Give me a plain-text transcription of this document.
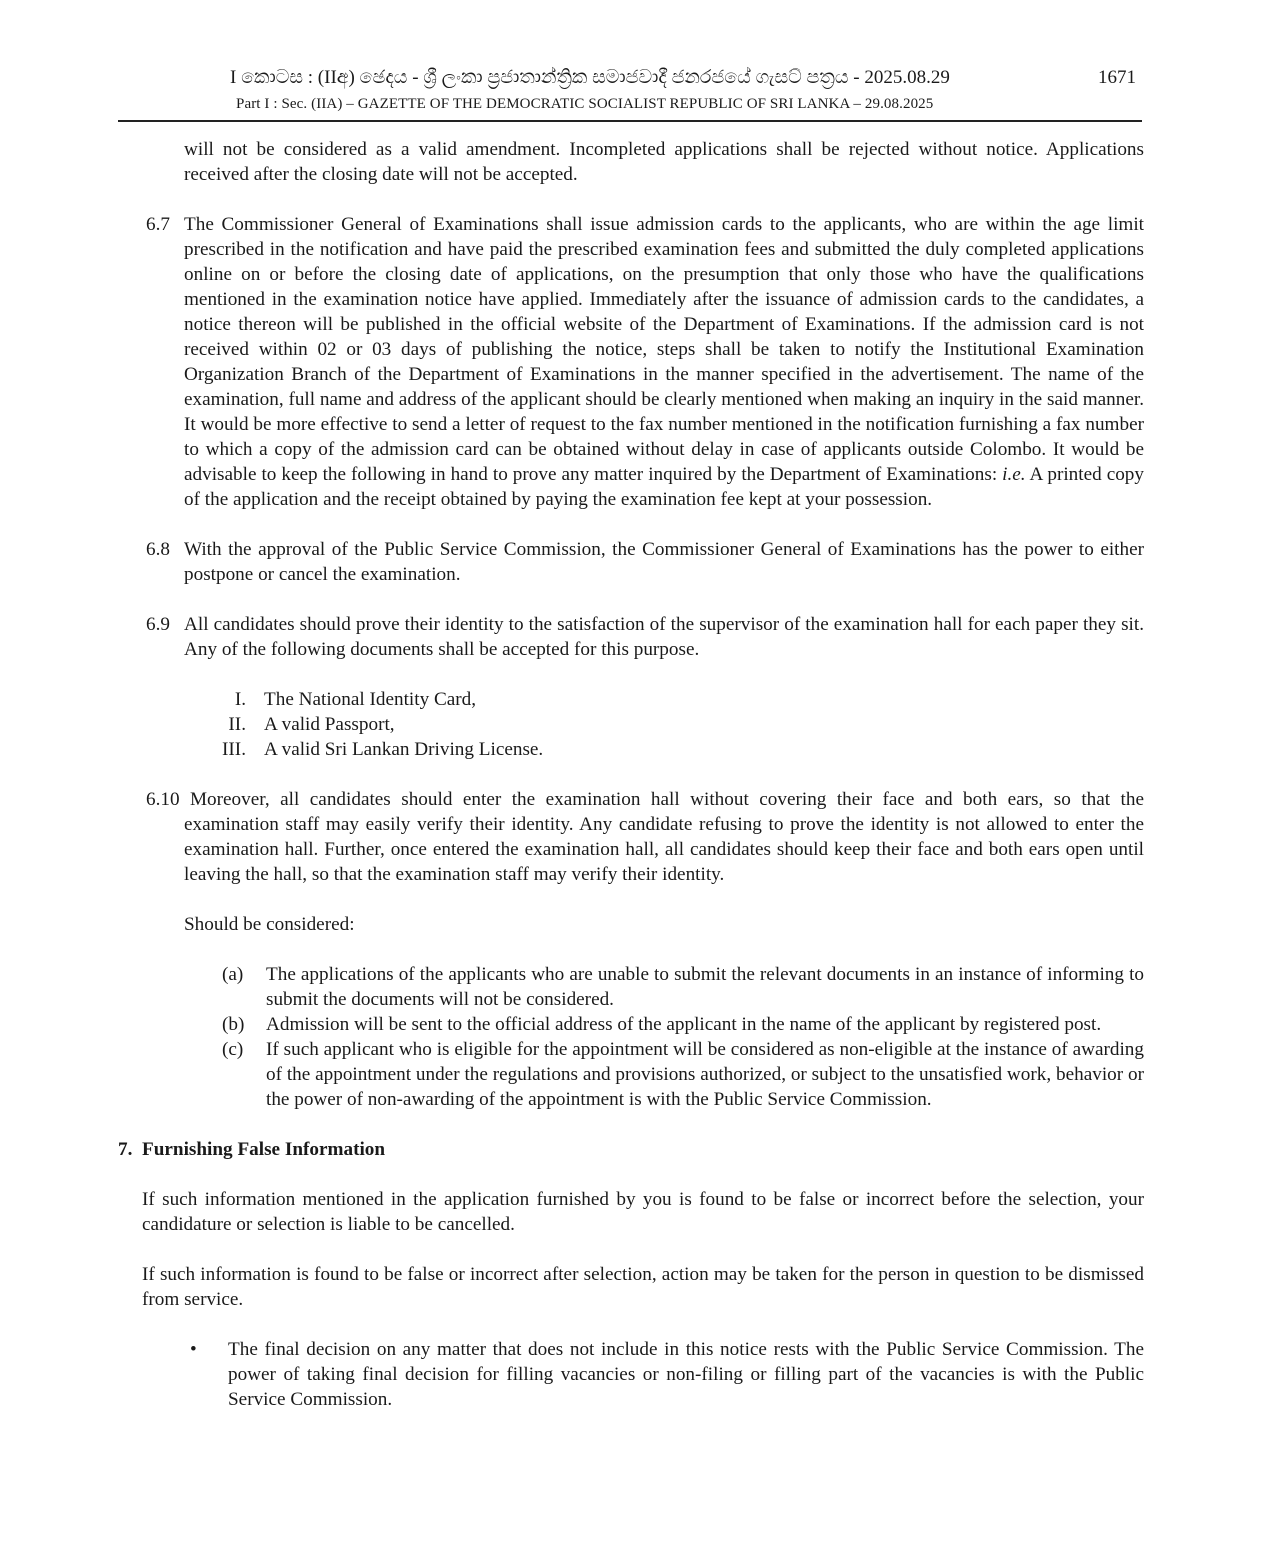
I කොටස : (IIඅ) ඡෙදය - ශ්‍රී ලංකා ප්‍රජාතාන්ත්‍රික සමාජවාදී ජනරජයේ ගැසට් පත්‍රය - 2025.08.29	1671
Part I : Sec. (IIA) – GAZETTE OF THE DEMOCRATIC SOCIALIST REPUBLIC OF SRI LANKA – 29.08.2025

will not be considered as a valid amendment. Incompleted applications shall be rejected without notice. Applications received after the closing date will not be accepted.

6.7 The Commissioner General of Examinations shall issue admission cards to the applicants, who are within the age limit prescribed in the notification and have paid the prescribed examination fees and submitted the duly completed applications online on or before the closing date of applications, on the presumption that only those who have the qualifications mentioned in the examination notice have applied. Immediately after the issuance of admission cards to the candidates, a notice thereon will be published in the official website of the Department of Examinations. If the admission card is not received within 02 or 03 days of publishing the notice, steps shall be taken to notify the Institutional Examination Organization Branch of the Department of Examinations in the manner specified in the advertisement. The name of the examination, full name and address of the applicant should be clearly mentioned when making an inquiry in the said manner. It would be more effective to send a letter of request to the fax number mentioned in the notification furnishing a fax number to which a copy of the admission card can be obtained without delay in case of applicants outside Colombo. It would be advisable to keep the following in hand to prove any matter inquired by the Department of Examinations: i.e. A printed copy of the application and the receipt obtained by paying the examination fee kept at your possession.

6.8 With the approval of the Public Service Commission, the Commissioner General of Examinations has the power to either postpone or cancel the examination.

6.9 All candidates should prove their identity to the satisfaction of the supervisor of the examination hall for each paper they sit. Any of the following documents shall be accepted for this purpose.

I. The National Identity Card,
II. A valid Passport,
III. A valid Sri Lankan Driving License.
6.10 Moreover, all candidates should enter the examination hall without covering their face and both ears, so that the examination staff may easily verify their identity. Any candidate refusing to prove the identity is not allowed to enter the examination hall. Further, once entered the examination hall, all candidates should keep their face and both ears open until leaving the hall, so that the examination staff may verify their identity.

Should be considered:

(a) The applications of the applicants who are unable to submit the relevant documents in an instance of informing to submit the documents will not be considered.
(b) Admission will be sent to the official address of the applicant in the name of the applicant by registered post.
(c) If such applicant who is eligible for the appointment will be considered as non-eligible at the instance of awarding of the appointment under the regulations and provisions authorized, or subject to the unsatisfied work, behavior or the power of non-awarding of the appointment is with the Public Service Commission.
7. Furnishing False Information

If such information mentioned in the application furnished by you is found to be false or incorrect before the selection, your candidature or selection is liable to be cancelled.

If such information is found to be false or incorrect after selection, action may be taken for the person in question to be dismissed from service.

• The final decision on any matter that does not include in this notice rests with the Public Service Commission. The power of taking final decision for filling vacancies or non-filing or filling part of the vacancies is with the Public Service Commission.
